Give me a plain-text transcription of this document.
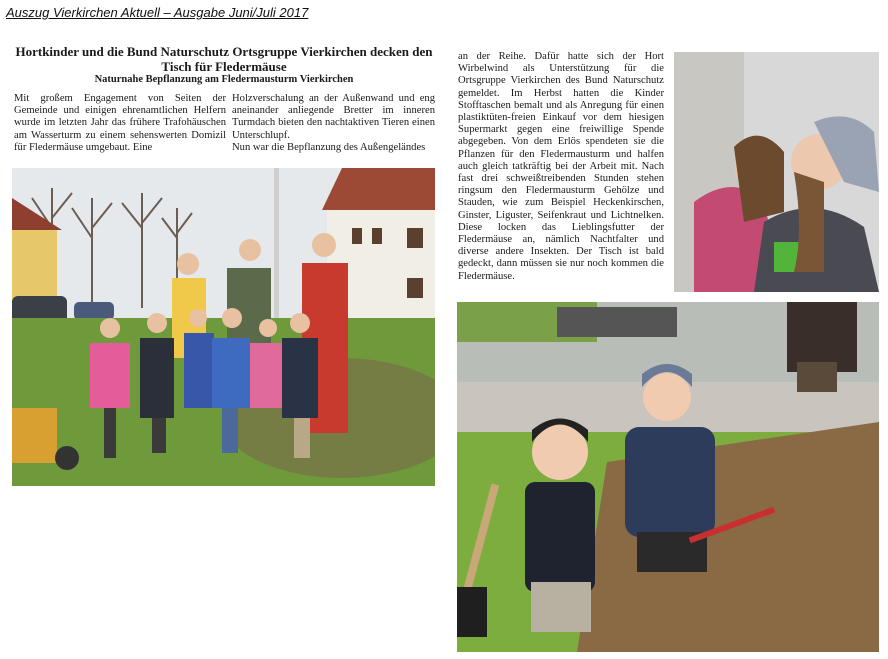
Auszug Vierkirchen Aktuell – Ausgabe Juni/Juli 2017
Hortkinder und die Bund Naturschutz Ortsgruppe Vierkirchen decken den Tisch für Fledermäuse
Naturnahe Bepflanzung am Fledermausturm Vierkirchen

Mit großem Engagement von Seiten der Gemeinde und einigen ehrenamtlichen Helfern wurde im letzten Jahr das frühere Trafohäuschen am Wasserturm zu einem sehenswerten Domizil für Fledermäuse umgebaut. Eine

Holzverschalung an der Außenwand und eng aneinander anliegende Bretter im inneren Turmdach bieten den nachtaktiven Tieren einen Unterschlupf.

Nun war die Bepflanzung des Außengeländes

an der Reihe. Dafür hatte sich der Hort Wirbelwind als Unterstützung für die Ortsgruppe Vierkirchen des Bund Naturschutz gemeldet. Im Herbst hatten die Kinder Stofftaschen bemalt und als Anregung für einen plastiktüten-freien Einkauf vor dem hiesigen Supermarkt gegen eine freiwillige Spende abgegeben. Von dem Erlös spendeten sie die Pflanzen für den Fledermausturm und halfen auch gleich tatkräftig bei der Arbeit mit. Nach fast drei schweißtreibenden Stunden stehen ringsum den Fledermausturm Gehölze und Stauden, wie zum Beispiel Heckenkirschen, Ginster, Liguster, Seifenkraut und Lichtnelken. Diese locken das Lieblingsfutter der Fledermäuse an, nämlich Nachtfalter und diverse andere Insekten. Der Tisch ist bald gedeckt, dann müssen sie nur noch kommen die Fledermäuse.
